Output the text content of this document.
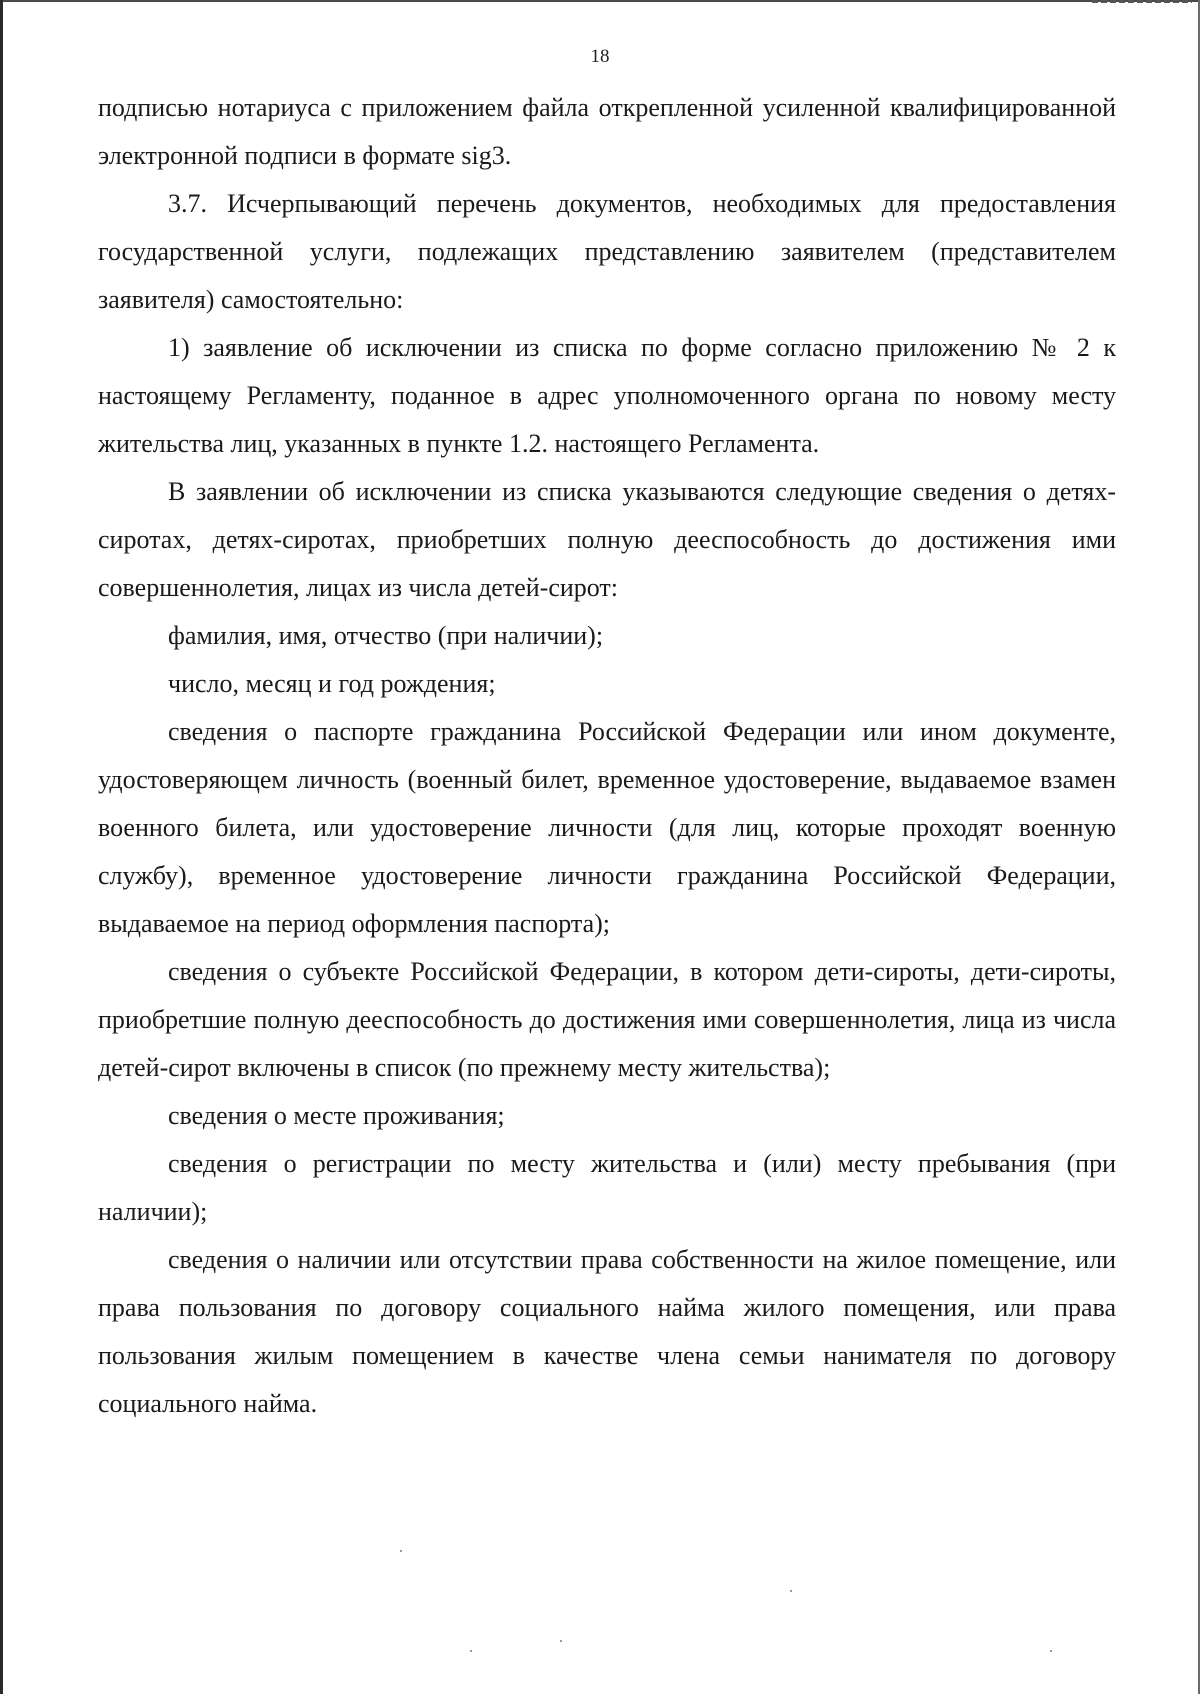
18

подписью нотариуса с приложением файла открепленной усиленной квалифицированной электронной подписи в формате sig3.

3.7. Исчерпывающий перечень документов, необходимых для предоставления государственной услуги, подлежащих представлению заявителем (представителем заявителя) самостоятельно:

1) заявление об исключении из списка по форме согласно приложению № 2 к настоящему Регламенту, поданное в адрес уполномоченного органа по новому месту жительства лиц, указанных в пункте 1.2. настоящего Регламента.

В заявлении об исключении из списка указываются следующие сведения о детях-сиротах, детях-сиротах, приобретших полную дееспособность до достижения ими совершеннолетия, лицах из числа детей-сирот:

фамилия, имя, отчество (при наличии);

число, месяц и год рождения;

сведения о паспорте гражданина Российской Федерации или ином документе, удостоверяющем личность (военный билет, временное удостоверение, выдаваемое взамен военного билета, или удостоверение личности (для лиц, которые проходят военную службу), временное удостоверение личности гражданина Российской Федерации, выдаваемое на период оформления паспорта);

сведения о субъекте Российской Федерации, в котором дети-сироты, дети-сироты, приобретшие полную дееспособность до достижения ими совершеннолетия, лица из числа детей-сирот включены в список (по прежнему месту жительства);

сведения о месте проживания;

сведения о регистрации по месту жительства и (или) месту пребывания (при наличии);

сведения о наличии или отсутствии права собственности на жилое помещение, или права пользования по договору социального найма жилого помещения, или права пользования жилым помещением в качестве члена семьи нанимателя по договору социального найма.
